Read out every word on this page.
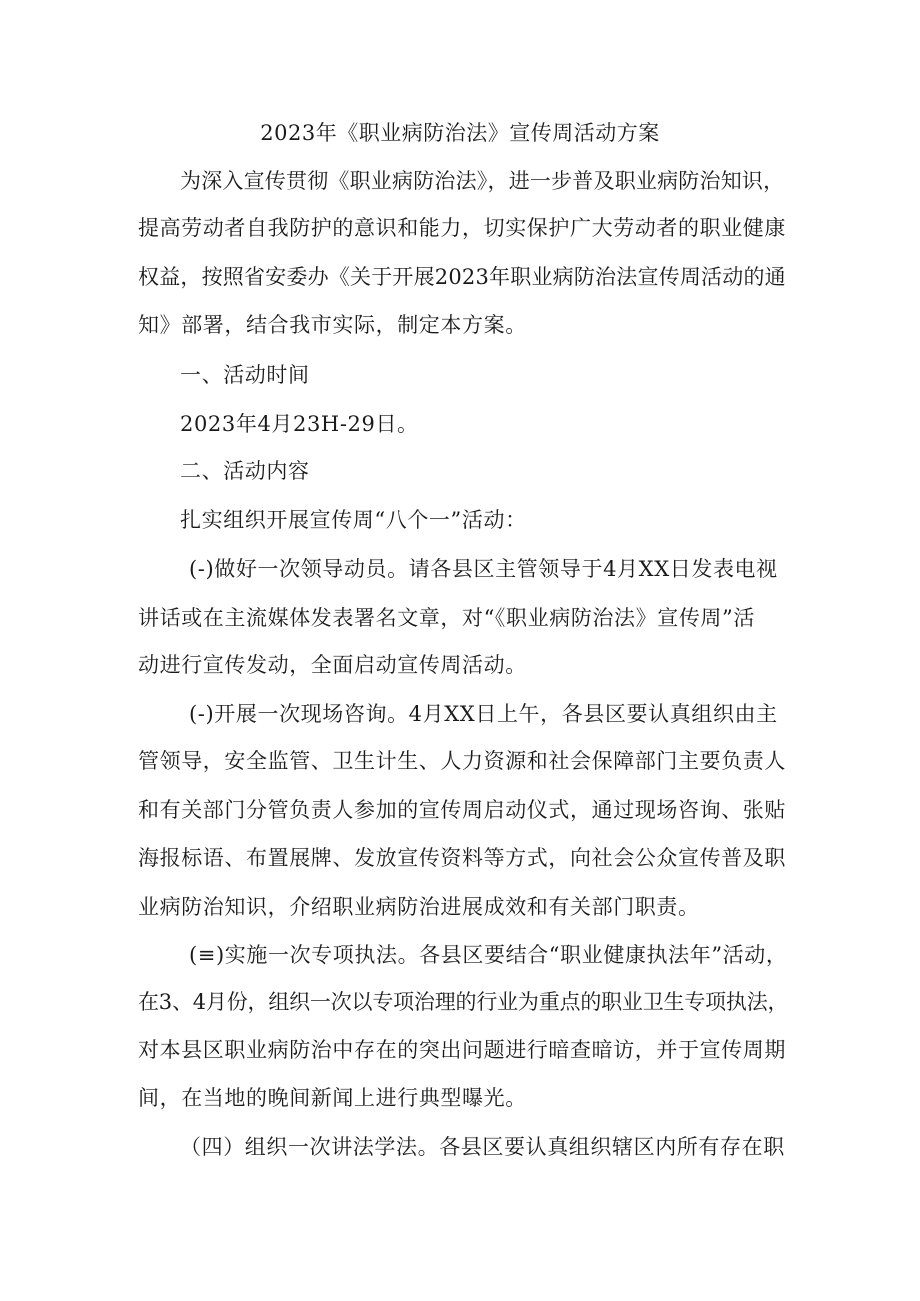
2023年《职业病防治法》宣传周活动方案
为深入宣传贯彻《职业病防治法》，进一步普及职业病防治知识，
提高劳动者自我防护的意识和能力，切实保护广大劳动者的职业健康
权益，按照省安委办《关于开展2023年职业病防治法宣传周活动的通
知》部署，结合我市实际，制定本方案。
一、活动时间
2023年4月23H-29日。
二、活动内容
扎实组织开展宣传周“八个一”活动：
(-)做好一次领导动员。请各县区主管领导于4月XX日发表电视
讲话或在主流媒体发表署名文章，对“《职业病防治法》宣传周”活
动进行宣传发动，全面启动宣传周活动。
(-)开展一次现场咨询。4月XX日上午，各县区要认真组织由主
管领导，安全监管、卫生计生、人力资源和社会保障部门主要负责人
和有关部门分管负责人参加的宣传周启动仪式，通过现场咨询、张贴
海报标语、布置展牌、发放宣传资料等方式，向社会公众宣传普及职
业病防治知识，介绍职业病防治进展成效和有关部门职责。
(≡)实施一次专项执法。各县区要结合“职业健康执法年”活动，
在3、4月份，组织一次以专项治理的行业为重点的职业卫生专项执法，
对本县区职业病防治中存在的突出问题进行暗查暗访，并于宣传周期
间，在当地的晚间新闻上进行典型曝光。
（四）组织一次讲法学法。各县区要认真组织辖区内所有存在职
